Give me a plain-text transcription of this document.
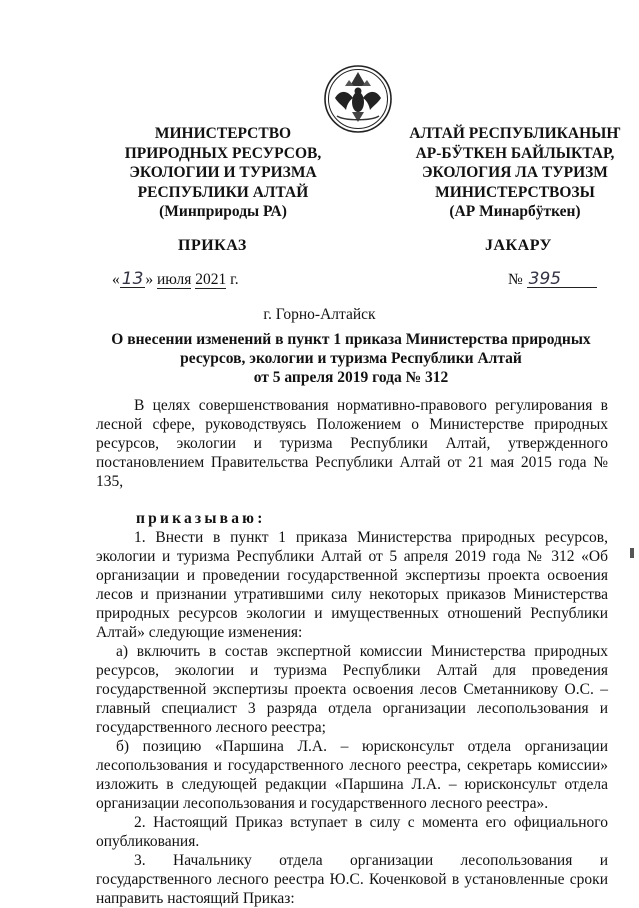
МИНИСТЕРСТВО
ПРИРОДНЫХ РЕСУРСОВ,
ЭКОЛОГИИ И ТУРИЗМА
РЕСПУБЛИКИ АЛТАЙ
(Минприроды РА)
АЛТАЙ РЕСПУБЛИКАНЫҤ
АР-БӰТКЕН БАЙЛЫКТАР,
ЭКОЛОГИЯ ЛА ТУРИЗМ
МИНИСТЕРСТВОЗЫ
(АР Минарбӱткен)
ПРИКАЗ	JАКАРУ
« 13 » июля 2021 г.	№ 395
г. Горно-Алтайск
О внесении изменений в пункт 1 приказа Министерства природных
ресурсов, экологии и туризма Республики Алтай
от 5 апреля 2019 года № 312

В целях совершенствования нормативно-правового регулирования в лесной сфере, руководствуясь Положением о Министерстве природных ресурсов, экологии и туризма Республики Алтай, утвержденного постановлением Правительства Республики Алтай от 21 мая 2015 года № 135,

приказываю:

1. Внести в пункт 1 приказа Министерства природных ресурсов, экологии и туризма Республики Алтай от 5 апреля 2019 года № 312 «Об организации и проведении государственной экспертизы проекта освоения лесов и признании утратившими силу некоторых приказов Министерства природных ресурсов экологии и имущественных отношений Республики Алтай» следующие изменения:

а) включить в состав экспертной комиссии Министерства природных ресурсов, экологии и туризма Республики Алтай для проведения государственной экспертизы проекта освоения лесов Сметанникову О.С. – главный специалист 3 разряда отдела организации лесопользования и государственного лесного реестра;

б) позицию «Паршина Л.А. – юрисконсульт отдела организации лесопользования и государственного лесного реестра, секретарь комиссии» изложить в следующей редакции «Паршина Л.А. – юрисконсульт отдела организации лесопользования и государственного лесного реестра».

2. Настоящий Приказ вступает в силу с момента его официального опубликования.

3. Начальнику отдела организации лесопользования и государственного лесного реестра Ю.С. Коченковой в установленные сроки направить настоящий Приказ:
